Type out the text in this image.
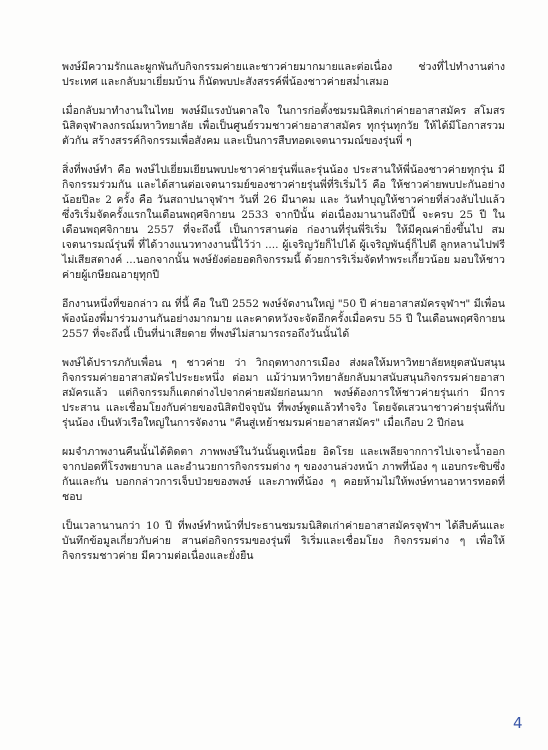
พงษ์มีความรักและผูกพันกับกิจกรรมค่ายและชาวค่ายมากมายและต่อเนื่อง ช่วงที่ไปทำงานต่างประเทศ และกลับมาเยี่ยมบ้าน ก็นัดพบปะสังสรรค์พี่น้องชาวค่ายสม่ำเสมอ

เมื่อกลับมาทำงานในไทย พงษ์มีแรงบันดาลใจ ในการก่อตั้งชมรมนิสิตเก่าค่ายอาสาสมัคร สโมสรนิสิตจุฬาลงกรณ์มหาวิทยาลัย เพื่อเป็นศูนย์รวมชาวค่ายอาสาสมัคร ทุกรุ่นทุกวัย ให้ได้มีโอกาสรวมตัวกัน สร้างสรรค์กิจกรรมเพื่อสังคม และเป็นการสืบทอดเจตนารมณ์ของรุ่นพี่ ๆ

สิ่งที่พงษ์ทำ คือ พงษ์ไปเยี่ยมเยียนพบปะชาวค่ายรุ่นพี่และรุ่นน้อง ประสานให้พี่น้องชาวค่ายทุกรุ่น มีกิจกรรมร่วมกัน และได้สานต่อเจตนารมย์ของชาวค่ายรุ่นพี่ที่ริเริ่มไว้ คือ ให้ชาวค่ายพบปะกันอย่างน้อยปีละ 2 ครั้ง คือ วันสถาปนาจุฬาฯ วันที่ 26 มีนาคม และ วันทำบุญให้ชาวค่ายที่ล่วงลับไปแล้ว ซึ่งริเริ่มจัดครั้งแรกในเดือนพฤศจิกายน 2533 จากปีนั้น ต่อเนื่องมานานถึงปีนี้ จะครบ 25 ปี ในเดือนพฤศจิกายน 2557 ที่จะถึงนี้ เป็นการสานต่อ ก่องานที่รุ่นพี่ริเริ่ม ให้มีคุณค่ายิ่งขึ้นไป สมเจตนารมณ์รุ่นพี่ ที่ได้วางแนวทางงานนี้ไว้ว่า .... ผู้เจริญวัยก็ไปได้ ผู้เจริญพันธุ์ก็ไปดี ลูกหลานไปฟรีไม่เสียสตางค์ ...นอกจากนั้น พงษ์ยังต่อยอดกิจกรรมนี้ ด้วยการริเริ่มจัดทำพระเกี้ยวน้อย มอบให้ชาวค่ายผู้เกษียณอายุทุกปี

อีกงานหนึ่งที่ขอกล่าว ณ ที่นี้ คือ ในปี 2552 พงษ์จัดงานใหญ่ "50 ปี ค่ายอาสาสมัครจุฬาฯ" มีเพื่อนพ้องน้องพี่มาร่วมงานกันอย่างมากมาย และคาดหวังจะจัดอีกครั้งเมื่อครบ 55 ปี ในเดือนพฤศจิกายน 2557 ที่จะถึงนี้ เป็นที่น่าเสียดาย ที่พงษ์ไม่สามารถรอถึงวันนั้นได้

พงษ์ได้ปรารภกับเพื่อน ๆ ชาวค่าย ว่า วิกฤตทางการเมือง ส่งผลให้มหาวิทยาลัยหยุดสนับสนุนกิจกรรมค่ายอาสาสมัครไประยะหนึ่ง ต่อมา แม้ว่ามหาวิทยาลัยกลับมาสนับสนุนกิจกรรมค่ายอาสาสมัครแล้ว แต่กิจกรรมก็แตกต่างไปจากค่ายสมัยก่อนมาก พงษ์ต้องการให้ชาวค่ายรุ่นเก่า มีการประสาน และเชื่อมโยงกับค่ายของนิสิตปัจจุบัน ที่พงษ์พูดแล้วทำจริง โดยจัดเสวนาชาวค่ายรุ่นพี่กับรุ่นน้อง เป็นหัวเรือใหญ่ในการจัดงาน "คืนสู่เหย้าชมรมค่ายอาสาสมัคร" เมื่อเกือบ 2 ปีก่อน

ผมจำภาพงานคืนนั้นได้ติดตา ภาพพงษ์ในวันนั้นดูเหนื่อย อิดโรย และเพลียจากการไปเจาะน้ำออกจากปอดที่โรงพยาบาล และอำนวยการกิจกรรมต่าง ๆ ของงานล่วงหน้า ภาพที่น้อง ๆ แอบกระซิบซึ่งกันและกัน บอกกล่าวการเจ็บป่วยของพงษ์ และภาพที่น้อง ๆ คอยห้ามไม่ให้พงษ์ทานอาหารทอดที่ชอบ

เป็นเวลานานกว่า 10 ปี ที่พงษ์ทำหน้าที่ประธานชมรมนิสิตเก่าค่ายอาสาสมัครจุฬาฯ ได้สืบค้นและบันทึกข้อมูลเกี่ยวกับค่าย สานต่อกิจกรรมของรุ่นพี่ ริเริ่มและเชื่อมโยง กิจกรรมต่าง ๆ เพื่อให้กิจกรรมชาวค่าย มีความต่อเนื่องและยั่งยืน

4
